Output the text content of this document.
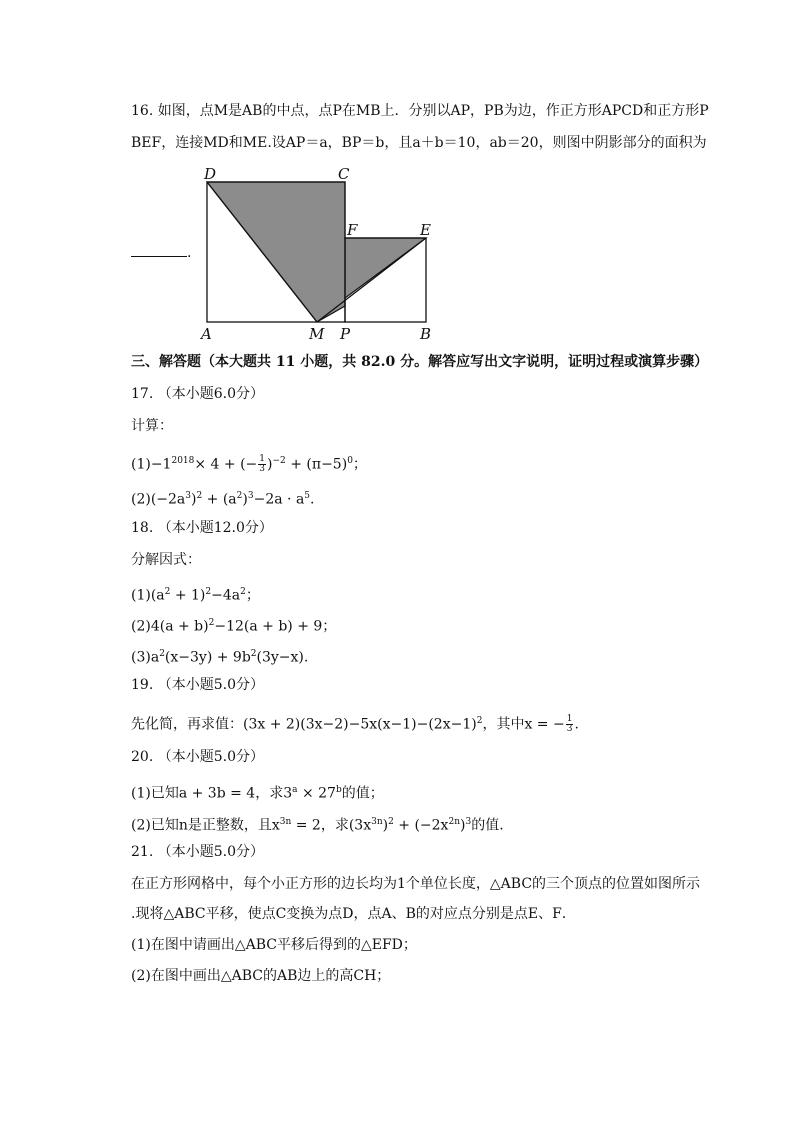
16. 如图，点M是AB的中点，点P在MB上．分别以AP，PB为边，作正方形APCD和正方形P
BEF，连接MD和ME.设AP＝a，BP＝b，且a＋b＝10，ab＝20，则图中阴影部分的面积为
.
D	C
F	E
A	M P	B
三、解答题（本大题共 11 小题，共 82.0 分。解答应写出文字说明，证明过程或演算步骤）
17. （本小题6.0分）
计算：
$(1)-1^{2018}\times 4$ + (− $\frac{1}{3} )^{-2} + (\pi-5)^0$；
$(2)(-2a^3)^2 + (a^2)^3-2a \cdot a^5$.
18. （本小题12.0分）
分解因式：
$(1)(a^2 + 1)^2-4a^2$；
$(2)4(a + b)^2-12(a + b) + 9$；
$(3)a^2(x-3y) + 9b^2(3y-x)$.
19. （本小题5.0分）
先化简，再求值：$(3x + 2)(3x-2)-5x(x-1)-(2x-1)^2$，其中x = − $\frac{1}{3}$ .
20. （本小题5.0分）
(1)已知a + 3b = 4，求$3^a \times 27^b$的值；
(2)已知n是正整数，且$x^{3n} = 2$，求$(3x^{3n})^2 + (-2x^{2n})^3$的值.
21. （本小题5.0分）
在正方形网格中，每个小正方形的边长均为1个单位长度，△ABC的三个顶点的位置如图所示
.现将△ABC平移，使点C变换为点D，点A、B的对应点分别是点E、F．
(1)在图中请画出△ABC平移后得到的△EFD；
(2)在图中画出△ABC的AB边上的高CH；
